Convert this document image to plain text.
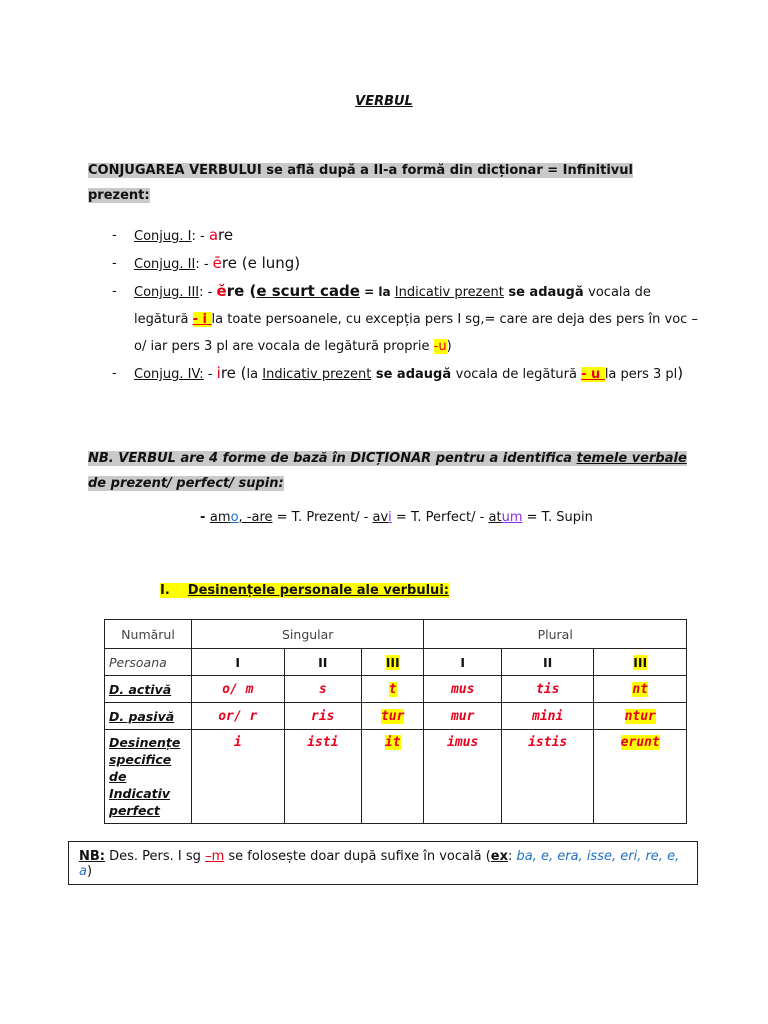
VERBUL
CONJUGAREA VERBULUI se află după a II-a formă din dicționar = Infinitivul prezent:
- Conjug. I: - are
- Conjug. II: - ēre (e lung)
- Conjug. III: - ĕre (e scurt cade = la Indicativ prezent se adaugă vocala de legătură - i la toate persoanele, cu excepția pers I sg,= care are deja des pers în voc –o/ iar pers 3 pl are vocala de legătură proprie -u)
- Conjug. IV: - ire (la Indicativ prezent se adaugă vocala de legătură - u la pers 3 pl)
NB. VERBUL are 4 forme de bază în DICȚIONAR pentru a identifica temele verbale de prezent/ perfect/ supin:
- amo, -are = T. Prezent/ - avi = T. Perfect/ - atum = T. Supin
I. Desinențele personale ale verbului:
Numărul	Singular			Plural		
Persoana	I	II	III	I	II	III
D. activă	o/ m	s	t	mus	tis	nt
D. pasivă	or/ r	ris	tur	mur	mini	ntur
Desinențe specifice de Indicativ perfect	i	isti	it	imus	istis	erunt
NB: Des. Pers. I sg –m se folosește doar după sufixe în vocală (ex: ba, e, era, isse, eri, re, e, a)
